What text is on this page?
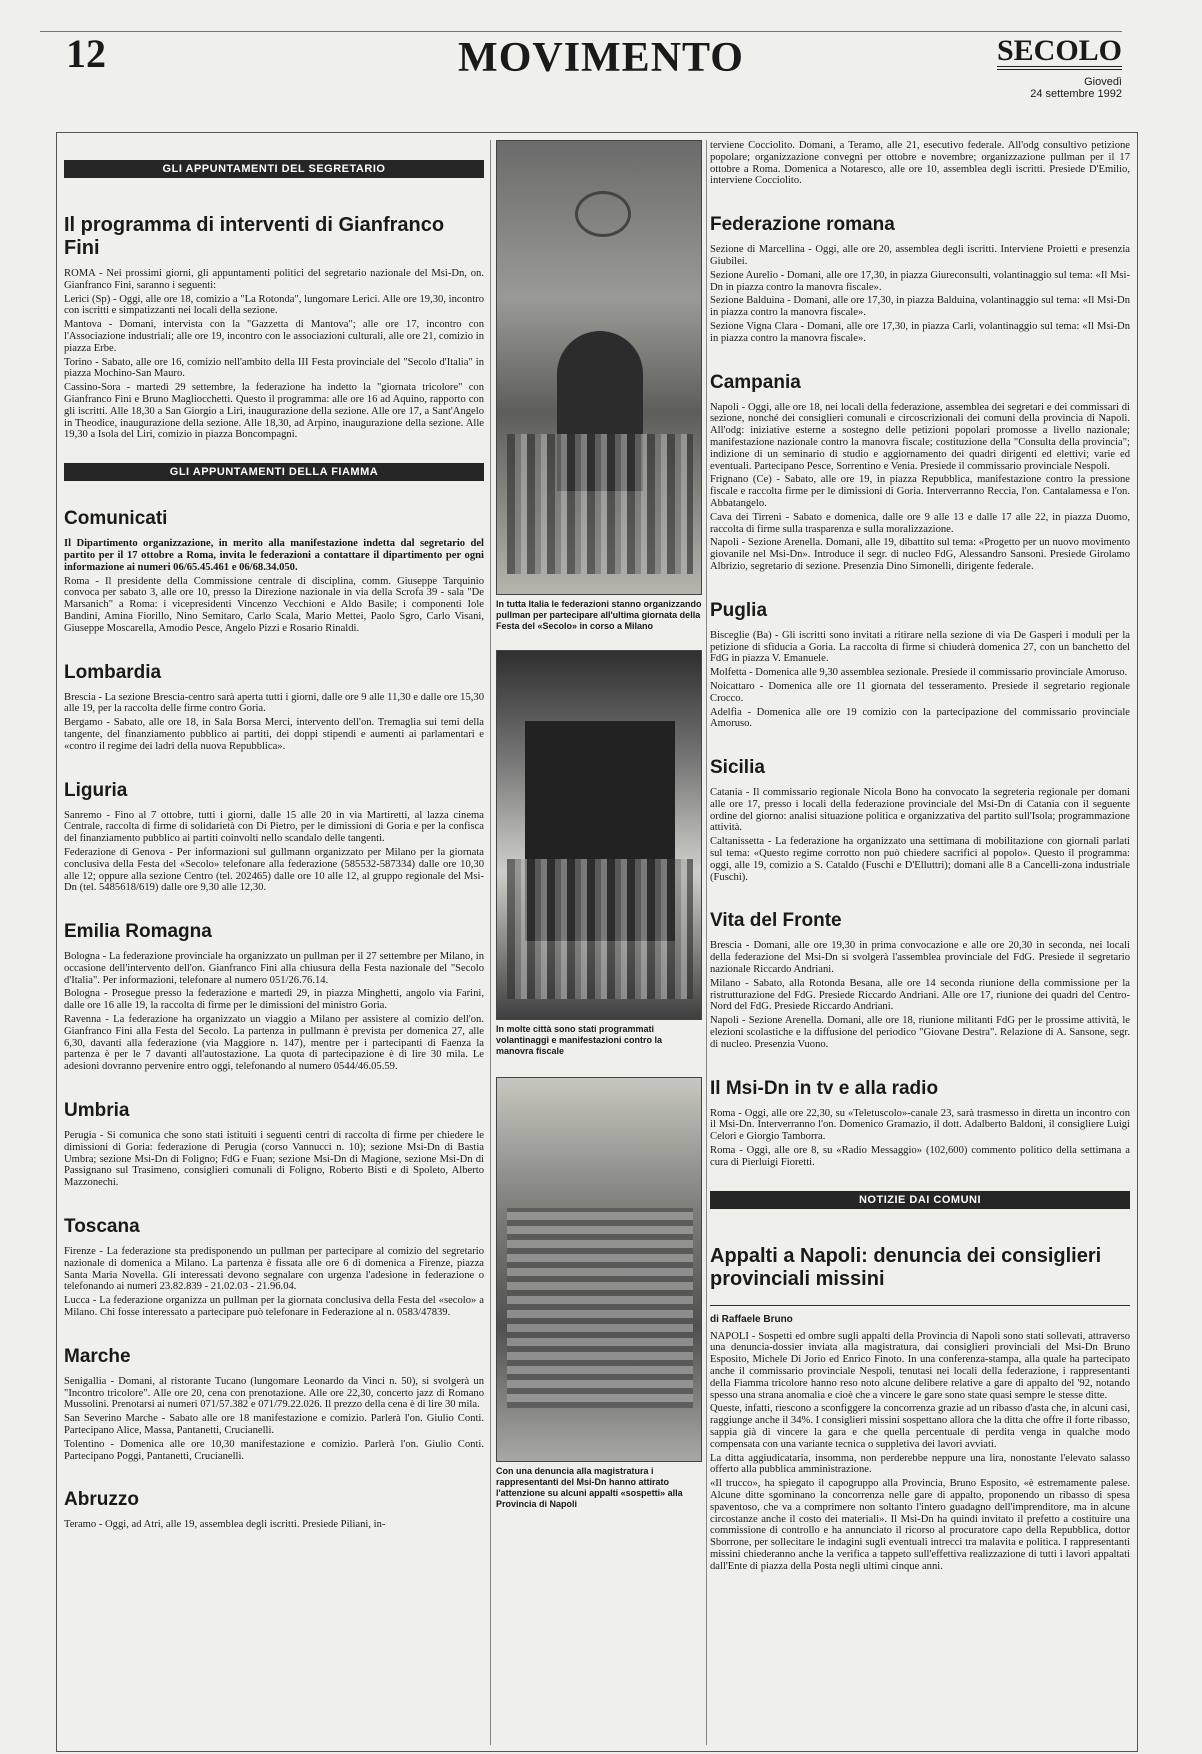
12	MOVIMENTO	SECOLO
Giovedì
24 settembre 1992
GLI APPUNTAMENTI DEL SEGRETARIO
Il programma di interventi di Gianfranco Fini

ROMA - Nei prossimi giorni, gli appuntamenti politici del segretario nazionale del Msi-Dn, on. Gianfranco Fini, saranno i seguenti:

Lerici (Sp) - Oggi, alle ore 18, comizio a "La Rotonda", lungomare Lerici. Alle ore 19,30, incontro con iscritti e simpatizzanti nei locali della sezione.

Mantova - Domani, intervista con la "Gazzetta di Mantova"; alle ore 17, incontro con l'Associazione industriali; alle ore 19, incontro con le associazioni culturali, alle ore 21, comizio in piazza Erbe.

Torino - Sabato, alle ore 16, comizio nell'ambito della III Festa provinciale del "Secolo d'Italia" in piazza Mochino-San Mauro.

Cassino-Sora - martedì 29 settembre, la federazione ha indetto la "giornata tricolore" con Gianfranco Fini e Bruno Magliocchetti. Questo il programma: alle ore 16 ad Aquino, rapporto con gli iscritti. Alle 18,30 a San Giorgio a Liri, inaugurazione della sezione. Alle ore 17, a Sant'Angelo in Theodice, inaugurazione della sezione. Alle 18,30, ad Arpino, inaugurazione della sezione. Alle 19,30 a Isola del Liri, comizio in piazza Boncompagni.

GLI APPUNTAMENTI DELLA FIAMMA
Comunicati

Il Dipartimento organizzazione, in merito alla manifestazione indetta dal segretario del partito per il 17 ottobre a Roma, invita le federazioni a contattare il dipartimento per ogni informazione ai numeri 06/65.45.461 e 06/68.34.050.

Roma - Il presidente della Commissione centrale di disciplina, comm. Giuseppe Tarquinio convoca per sabato 3, alle ore 10, presso la Direzione nazionale in via della Scrofa 39 - sala "De Marsanich" a Roma: i vicepresidenti Vincenzo Vecchioni e Aldo Basile; i componenti Iole Bandini, Amina Fiorillo, Nino Semitaro, Carlo Scala, Mario Mettei, Paolo Sgro, Carlo Visani, Giuseppe Moscarella, Amodio Pesce, Angelo Pizzi e Rosario Rinaldi.

Lombardia

Brescia - La sezione Brescia-centro sarà aperta tutti i giorni, dalle ore 9 alle 11,30 e dalle ore 15,30 alle 19, per la raccolta delle firme contro Goria.

Bergamo - Sabato, alle ore 18, in Sala Borsa Merci, intervento dell'on. Tremaglia sui temi della tangente, del finanziamento pubblico ai partiti, dei doppi stipendi e aumenti ai parlamentari e «contro il regime dei ladri della nuova Repubblica».

Liguria

Sanremo - Fino al 7 ottobre, tutti i giorni, dalle 15 alle 20 in via Martiretti, al lazza cinema Centrale, raccolta di firme di solidarietà con Di Pietro, per le dimissioni di Goria e per la confisca del finanziamento pubblico ai partiti coinvolti nello scandalo delle tangenti.

Federazione di Genova - Per informazioni sul gullmann organizzato per Milano per la giornata conclusiva della Festa del «Secolo» telefonare alla federazione (585532-587334) dalle ore 10,30 alle 12; oppure alla sezione Centro (tel. 202465) dalle ore 10 alle 12, al gruppo regionale del Msi-Dn (tel. 5485618/619) dalle ore 9,30 alle 12,30.

Emilia Romagna

Bologna - La federazione provinciale ha organizzato un pullman per il 27 settembre per Milano, in occasione dell'intervento dell'on. Gianfranco Fini alla chiusura della Festa nazionale del "Secolo d'Italia". Per informazioni, telefonare al numero 051/26.76.14.

Bologna - Prosegue presso la federazione e martedì 29, in piazza Minghetti, angolo via Farini, dalle ore 16 alle 19, la raccolta di firme per le dimissioni del ministro Goria.

Ravenna - La federazione ha organizzato un viaggio a Milano per assistere al comizio dell'on. Gianfranco Fini alla Festa del Secolo. La partenza in pullmann è prevista per domenica 27, alle 6,30, davanti alla federazione (via Maggiore n. 147), mentre per i partecipanti di Faenza la partenza è per le 7 davanti all'autostazione. La quota di partecipazione è di lire 30 mila. Le adesioni dovranno pervenire entro oggi, telefonando al numero 0544/46.05.59.

Umbria

Perugia - Si comunica che sono stati istituiti i seguenti centri di raccolta di firme per chiedere le dimissioni di Goria: federazione di Perugia (corso Vannucci n. 10); sezione Msi-Dn di Bastia Umbra; sezione Msi-Dn di Foligno; FdG e Fuan; sezione Msi-Dn di Magione, sezione Msi-Dn di Passignano sul Trasimeno, consiglieri comunali di Foligno, Roberto Bisti e di Spoleto, Alberto Mazzonechi.

Toscana

Firenze - La federazione sta predisponendo un pullman per partecipare al comizio del segretario nazionale di domenica a Milano. La partenza è fissata alle ore 6 di domenica a Firenze, piazza Santa Maria Novella. Gli interessati devono segnalare con urgenza l'adesione in federazione o telefonando ai numeri 23.82.839 - 21.02.03 - 21.96.04.

Lucca - La federazione organizza un pullman per la giornata conclusiva della Festa del «secolo» a Milano. Chi fosse interessato a partecipare può telefonare in Federazione al n. 0583/47839.

Marche

Senigallia - Domani, al ristorante Tucano (lungomare Leonardo da Vinci n. 50), si svolgerà un "Incontro tricolore". Alle ore 20, cena con prenotazione. Alle ore 22,30, concerto jazz di Romano Mussolini. Prenotarsi ai numeri 071/57.382 e 071/79.22.026. Il prezzo della cena è di lire 30 mila.

San Severino Marche - Sabato alle ore 18 manifestazione e comizio. Parlerà l'on. Giulio Conti. Partecipano Alice, Massa, Pantanetti, Crucianelli.

Tolentino - Domenica alle ore 10,30 manifestazione e comizio. Parlerà l'on. Giulio Conti. Partecipano Poggi, Pantanetti, Crucianelli.

Abruzzo

Teramo - Oggi, ad Atri, alle 19, assemblea degli iscritti. Presiede Piliani, in-

In tutta Italia le federazioni stanno organizzando pullman per partecipare all'ultima giornata della Festa del «Secolo» in corso a Milano
In molte città sono stati programmati volantinaggi e manifestazioni contro la manovra fiscale
Con una denuncia alla magistratura i rappresentanti del Msi-Dn hanno attirato l'attenzione su alcuni appalti «sospetti» alla Provincia di Napoli

terviene Cocciolito. Domani, a Teramo, alle 21, esecutivo federale. All'odg consultivo petizione popolare; organizzazione convegni per ottobre e novembre; organizzazione pullman per il 17 ottobre a Roma. Domenica a Notaresco, alle ore 10, assemblea degli iscritti. Presiede D'Emilio, interviene Cocciolito.

Federazione romana

Sezione di Marcellina - Oggi, alle ore 20, assemblea degli iscritti. Interviene Proietti e presenzia Giubilei.

Sezione Aurelio - Domani, alle ore 17,30, in piazza Giureconsulti, volantinaggio sul tema: «Il Msi-Dn in piazza contro la manovra fiscale».

Sezione Balduina - Domani, alle ore 17,30, in piazza Balduina, volantinaggio sul tema: «Il Msi-Dn in piazza contro la manovra fiscale».

Sezione Vigna Clara - Domani, alle ore 17,30, in piazza Carli, volantinaggio sul tema: «Il Msi-Dn in piazza contro la manovra fiscale».

Campania

Napoli - Oggi, alle ore 18, nei locali della federazione, assemblea dei segretari e dei commissari di sezione, nonché dei consiglieri comunali e circoscrizionali dei comuni della provincia di Napoli. All'odg: iniziative esterne a sostegno delle petizioni popolari promosse a livello nazionale; manifestazione nazionale contro la manovra fiscale; costituzione della "Consulta della provincia"; indizione di un seminario di studio e aggiornamento dei quadri dirigenti ed elettivi; varie ed eventuali. Partecipano Pesce, Sorrentino e Venia. Presiede il commissario provinciale Nespoli.

Frignano (Ce) - Sabato, alle ore 19, in piazza Repubblica, manifestazione contro la pressione fiscale e raccolta firme per le dimissioni di Goria. Interverranno Reccia, l'on. Cantalamessa e l'on. Abbatangelo.

Cava dei Tirreni - Sabato e domenica, dalle ore 9 alle 13 e dalle 17 alle 22, in piazza Duomo, raccolta di firme sulla trasparenza e sulla moralizzazione.

Napoli - Sezione Arenella. Domani, alle 19, dibattito sul tema: «Progetto per un nuovo movimento giovanile nel Msi-Dn». Introduce il segr. di nucleo FdG, Alessandro Sansoni. Presiede Girolamo Albrizio, segretario di sezione. Presenzia Dino Simonelli, dirigente federale.

Puglia

Bisceglie (Ba) - Gli iscritti sono invitati a ritirare nella sezione di via De Gasperi i moduli per la petizione di sfiducia a Goria. La raccolta di firme si chiuderà domenica 27, con un banchetto del FdG in piazza V. Emanuele.

Molfetta - Domenica alle 9,30 assemblea sezionale. Presiede il commissario provinciale Amoruso.

Noicattaro - Domenica alle ore 11 giornata del tesseramento. Presiede il segretario regionale Crocco.

Adelfia - Domenica alle ore 19 comizio con la partecipazione del commissario provinciale Amoruso.

Sicilia

Catania - Il commissario regionale Nicola Bono ha convocato la segreteria regionale per domani alle ore 17, presso i locali della federazione provinciale del Msi-Dn di Catania con il seguente ordine del giorno: analisi situazione politica e organizzativa del partito sull'Isola; programmazione attività.

Caltanissetta - La federazione ha organizzato una settimana di mobilitazione con giornali parlati sul tema: «Questo regime corrotto non può chiedere sacrifici al popolo». Questo il programma: oggi, alle 19, comizio a S. Cataldo (Fuschi e D'Elluttri); domani alle 8 a Cancelli-zona industriale (Fuschi).

Vita del Fronte

Brescia - Domani, alle ore 19,30 in prima convocazione e alle ore 20,30 in seconda, nei locali della federazione del Msi-Dn si svolgerà l'assemblea provinciale del FdG. Presiede il segretario nazionale Riccardo Andriani.

Milano - Sabato, alla Rotonda Besana, alle ore 14 seconda riunione della commissione per la ristrutturazione del FdG. Presiede Riccardo Andriani. Alle ore 17, riunione dei quadri del Centro-Nord del FdG. Presiede Riccardo Andriani.

Napoli - Sezione Arenella. Domani, alle ore 18, riunione militanti FdG per le prossime attività, le elezioni scolastiche e la diffusione del periodico "Giovane Destra". Relazione di A. Sansone, segr. di nucleo. Presenzia Vuono.

Il Msi-Dn in tv e alla radio

Roma - Oggi, alle ore 22,30, su «Teletuscolo»-canale 23, sarà trasmesso in diretta un incontro con il Msi-Dn. Interverranno l'on. Domenico Gramazio, il dott. Adalberto Baldoni, il consigliere Luigi Celori e Giorgio Tamborra.

Roma - Oggi, alle ore 8, su «Radio Messaggio» (102,600) commento politico della settimana a cura di Pierluigi Fioretti.

NOTIZIE DAI COMUNI
Appalti a Napoli: denuncia dei consiglieri provinciali missini
di Raffaele Bruno

NAPOLI - Sospetti ed ombre sugli appalti della Provincia di Napoli sono stati sollevati, attraverso una denuncia-dossier inviata alla magistratura, dai consiglieri provinciali del Msi-Dn Bruno Esposito, Michele Di Jorio ed Enrico Finoto. In una conferenza-stampa, alla quale ha partecipato anche il commissario provinciale Nespoli, tenutasi nei locali della federazione, i rappresentanti della Fiamma tricolore hanno reso noto alcune delibere relative a gare di appalto del '92, notando spesso una strana anomalia e cioè che a vincere le gare sono state quasi sempre le stesse ditte.

Queste, infatti, riescono a sconfiggere la concorrenza grazie ad un ribasso d'asta che, in alcuni casi, raggiunge anche il 34%. I consiglieri missini sospettano allora che la ditta che offre il forte ribasso, sappia già di vincere la gara e che quella percentuale di perdita venga in qualche modo compensata con una variante tecnica o suppletiva dei lavori avviati.

La ditta aggiudicataria, insomma, non perderebbe neppure una lira, nonostante l'elevato salasso offerto alla pubblica amministrazione.

«Il trucco», ha spiegato il capogruppo alla Provincia, Bruno Esposito, «è estremamente palese. Alcune ditte sgominano la concorrenza nelle gare di appalto, proponendo un ribasso di spesa spaventoso, che va a comprimere non soltanto l'intero guadagno dell'imprenditore, ma in alcune circostanze anche il costo dei materiali». Il Msi-Dn ha quindi invitato il prefetto a costituire una commissione di controllo e ha annunciato il ricorso al procuratore capo della Repubblica, dottor Sborrone, per sollecitare le indagini sugli eventuali intrecci tra malavita e politica. I rappresentanti missini chiederanno anche la verifica a tappeto sull'effettiva realizzazione di tutti i lavori appaltati dall'Ente di piazza della Posta negli ultimi cinque anni.
